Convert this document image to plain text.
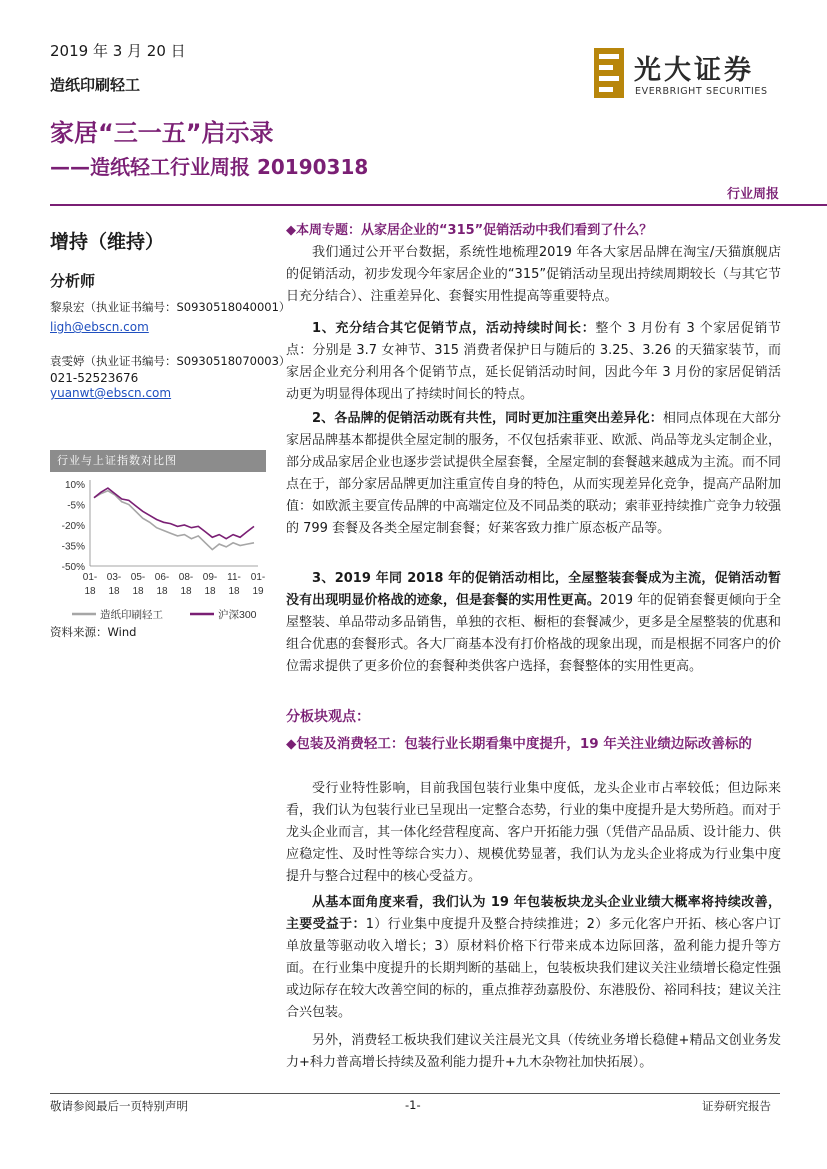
2019 年 3 月 20 日
造纸印刷轻工	光大证券
EVERBRIGHT SECURITIES
家居“三一五”启示录
——造纸轻工行业周报 20190318
行业周报
增持（维持）
分析师
黎泉宏（执业证书编号：S0930518040001）
ligh@ebscn.com
袁雯婷（执业证书编号：S0930518070003）
021-52523676
yuanwt@ebscn.com
行业与上证指数对比图
10%
-5%
-20%
-35%
-50%
01-
18
03-
18
05-
18
06-
18
08-
18
09-
18
11-
18
01-
19
造纸印刷轻工	沪深300
资料来源：Wind
◆本周专题：从家居企业的“315”促销活动中我们看到了什么？

我们通过公开平台数据，系统性地梳理2019 年各大家居品牌在淘宝/天猫旗舰店的促销活动，初步发现今年家居企业的“315”促销活动呈现出持续周期较长（与其它节日充分结合）、注重差异化、套餐实用性提高等重要特点。

1、充分结合其它促销节点，活动持续时间长：整个 3 月份有 3 个家居促销节点：分别是 3.7 女神节、315 消费者保护日与随后的 3.25、3.26 的天猫家装节，而家居企业充分利用各个促销节点，延长促销活动时间，因此今年 3 月份的家居促销活动更为明显得体现出了持续时间长的特点。

2、各品牌的促销活动既有共性，同时更加注重突出差异化：相同点体现在大部分家居品牌基本都提供全屋定制的服务，不仅包括索菲亚、欧派、尚品等龙头定制企业，部分成品家居企业也逐步尝试提供全屋套餐，全屋定制的套餐越来越成为主流。而不同点在于，部分家居品牌更加注重宣传自身的特色，从而实现差异化竞争，提高产品附加值：如欧派主要宣传品牌的中高端定位及不同品类的联动；索菲亚持续推广竞争力较强的 799 套餐及各类全屋定制套餐；好莱客致力推广原态板产品等。

3、2019 年同 2018 年的促销活动相比，全屋整装套餐成为主流，促销活动暂没有出现明显价格战的迹象，但是套餐的实用性更高。2019 年的促销套餐更倾向于全屋整装、单品带动多品销售，单独的衣柜、橱柜的套餐减少，更多是全屋整装的优惠和组合优惠的套餐形式。各大厂商基本没有打价格战的现象出现，而是根据不同客户的价位需求提供了更多价位的套餐种类供客户选择，套餐整体的实用性更高。

分板块观点：
◆包装及消费轻工：包装行业长期看集中度提升，19 年关注业绩边际改善标的

受行业特性影响，目前我国包装行业集中度低，龙头企业市占率较低；但边际来看，我们认为包装行业已呈现出一定整合态势，行业的集中度提升是大势所趋。而对于龙头企业而言，其一体化经营程度高、客户开拓能力强（凭借产品品质、设计能力、供应稳定性、及时性等综合实力）、规模优势显著，我们认为龙头企业将成为行业集中度提升与整合过程中的核心受益方。

从基本面角度来看，我们认为 19 年包装板块龙头企业业绩大概率将持续改善，主要受益于：1）行业集中度提升及整合持续推进；2）多元化客户开拓、核心客户订单放量等驱动收入增长；3）原材料价格下行带来成本边际回落，盈利能力提升等方面。在行业集中度提升的长期判断的基础上，包装板块我们建议关注业绩增长稳定性强或边际存在较大改善空间的标的，重点推荐劲嘉股份、东港股份、裕同科技；建议关注合兴包装。

另外，消费轻工板块我们建议关注晨光文具（传统业务增长稳健+精品文创业务发力+科力普高增长持续及盈利能力提升+九木杂物社加快拓展）。

敬请参阅最后一页特别声明	-1-	证券研究报告
